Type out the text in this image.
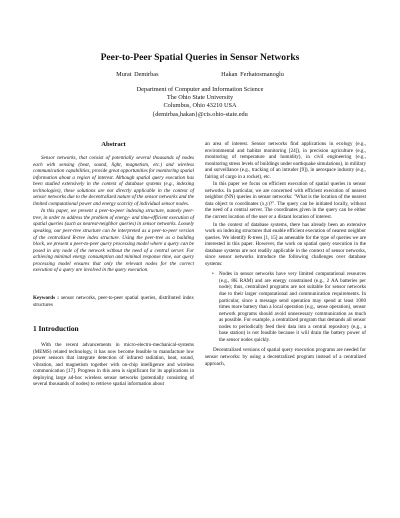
Peer-to-Peer Spatial Queries in Sensor Networks
Murat Demirbas	Hakan Ferhatosmanoglu
Department of Computer and Information Science
The Ohio State University
Columbus, Ohio 43210 USA
{demirbas,hakan}@cis.ohio-state.edu
Abstract

Sensor networks, that consist of potentially several thousands of nodes each with sensing (heat, sound, light, magnetism, etc.) and wireless communication capabilities, provide great opportunities for monitoring spatial information about a region of interest. Although spatial query execution has been studied extensively in the context of database systems (e.g., indexing technologies), these solutions are not directly applicable in the context of sensor networks due to the decentralized nature of the sensor networks and the limited computational power and energy scarcity of individual sensor nodes.

In this paper, we present a peer-to-peer indexing structure, namely peer-tree, in order to address the problem of energy- and time-efficient execution of spatial queries (such as nearest-neighbor queries) in sensor networks. Loosely speaking, our peer-tree structure can be interpreted as a peer-to-peer version of the centralized R-tree index structure. Using the peer-tree as a building block, we present a peer-to-peer query processing model where a query can be posed in any node of the network without the need of a central server. For achieving minimal energy consumption and minimal response time, our query processing model ensures that only the relevant nodes for the correct execution of a query are involved in the query execution.

Keywords : sensor networks, peer-to-peer spatial queries, distributed index structures
1 Introduction

With the recent advancements in micro-electro-mechanical-systems (MEMS) related technology, it has now become feasible to manufacture low power sensors that integrate detection of infrared radiation, heat, sound, vibration, and magnetism together with on-chip intelligence and wireless communication [17]. Progress in this area is significant for its applications in deploying large ad-hoc wireless sensor networks (potentially consisting of several thousands of nodes) to retrieve spatial information about

an area of interest. Sensor networks find applications in ecology (e.g., environmental and habitat monitoring [24]), in precision agriculture (e.g., monitoring of temperature and humidity), in civil engineering (e.g., monitoring stress levels of buildings under earthquake simulations), in military and surveillance (e.g., tracking of an intruder [9]), in aerospace industry (e.g., fairing of cargo in a rocket), etc.

In this paper we focus on efficient execution of spatial queries in sensor networks. In particular, we are concerned with efficient execution of nearest neighbor (NN) queries in sensor networks: "What is the location of the nearest data object to coordinates (x,y)?". The query can be initiated locally, without the need of a central server. The coordinates given in the query can be either the current location of the user or a distant location of interest.

In the context of database systems, there has already been an extensive work on indexing structures that enable efficient execution of nearest neighbor queries. We identify R-trees [1, 15] as amenable for the type of queries we are interested in this paper. However, the work on spatial query execution in the database systems are not readily applicable in the context of sensor networks, since sensor networks introduce the following challenges over database systems:

• Nodes in sensor networks have very limited computational resources (e.g., 8K RAM) and are energy constrained (e.g., 2 AA batteries per node); thus, centralized programs are not suitable for sensor networks due to their larger computational and communication requirements. In particular, since a message send operation may spend at least 1000 times more battery than a local operation (e.g., sense operation), sensor network programs should avoid unnecessary communication as much as possible. For example, a centralized program that demands all sensor nodes to periodically feed their data into a central repository (e.g., a base station) is not feasible because it will drain the battery power of the sensor nodes quickly.

Decentralized versions of spatial query execution programs are needed for sensor networks: by using a decentralized program instead of a centralized approach,
